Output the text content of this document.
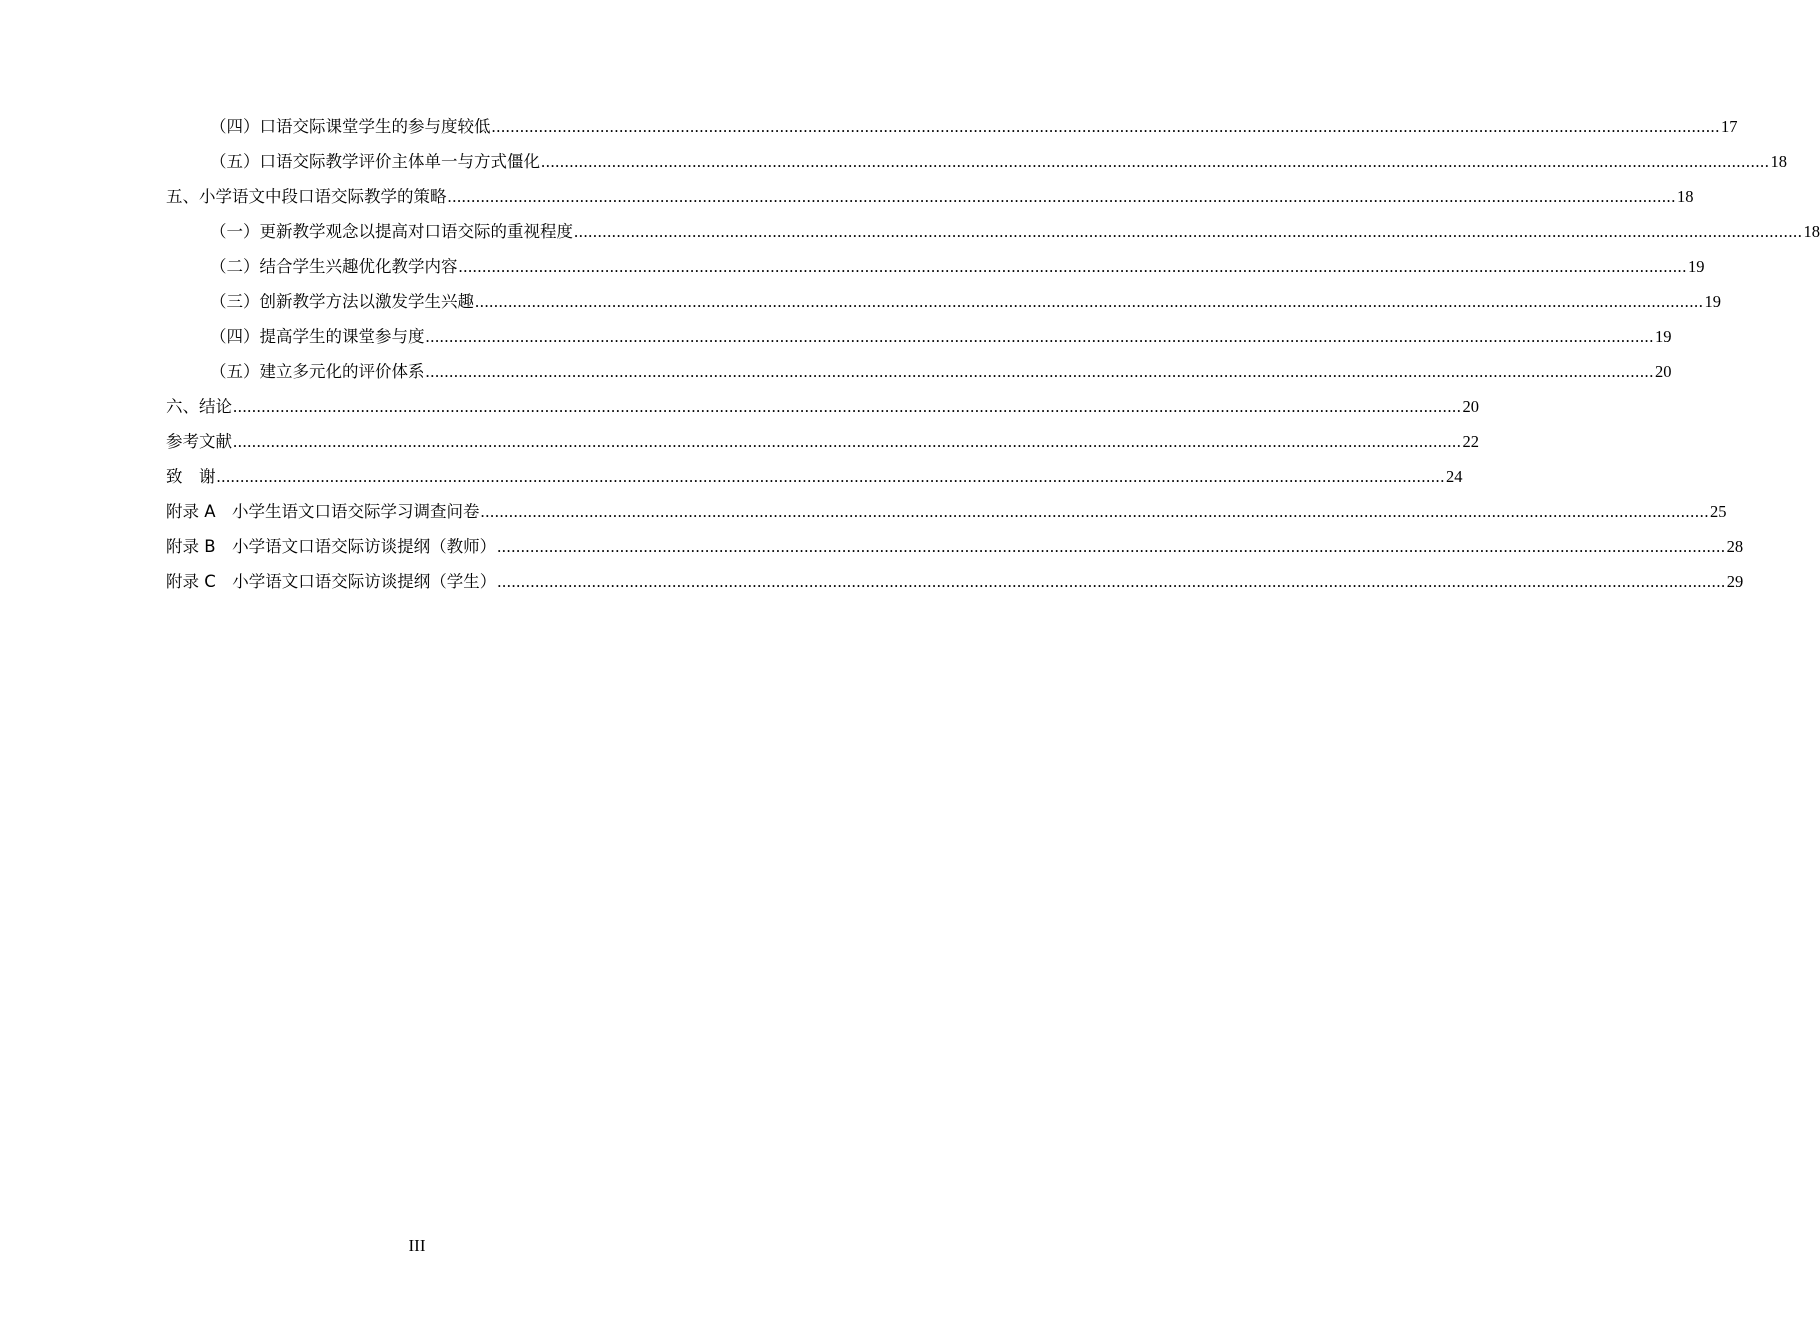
（四）口语交际课堂学生的参与度较低 .................................................................................................................................................................................................................................................................... 17
（五）口语交际教学评价主体单一与方式僵化 .................................................................................................................................................................................................................................................................... 18
五、小学语文中段口语交际教学的策略 .................................................................................................................................................................................................................................................................... 18
（一）更新教学观念以提高对口语交际的重视程度 .................................................................................................................................................................................................................................................................... 18
（二）结合学生兴趣优化教学内容 .................................................................................................................................................................................................................................................................... 19
（三）创新教学方法以激发学生兴趣 .................................................................................................................................................................................................................................................................... 19
（四）提高学生的课堂参与度 .................................................................................................................................................................................................................................................................... 19
（五）建立多元化的评价体系 .................................................................................................................................................................................................................................................................... 20
六、结论 .................................................................................................................................................................................................................................................................... 20
参考文献 .................................................................................................................................................................................................................................................................... 22
致　谢 .................................................................................................................................................................................................................................................................... 24
附录 A　小学生语文口语交际学习调查问卷 .................................................................................................................................................................................................................................................................... 25
附录 B　小学语文口语交际访谈提纲（教师） .................................................................................................................................................................................................................................................................... 28
附录 C　小学语文口语交际访谈提纲（学生） .................................................................................................................................................................................................................................................................... 29
III
